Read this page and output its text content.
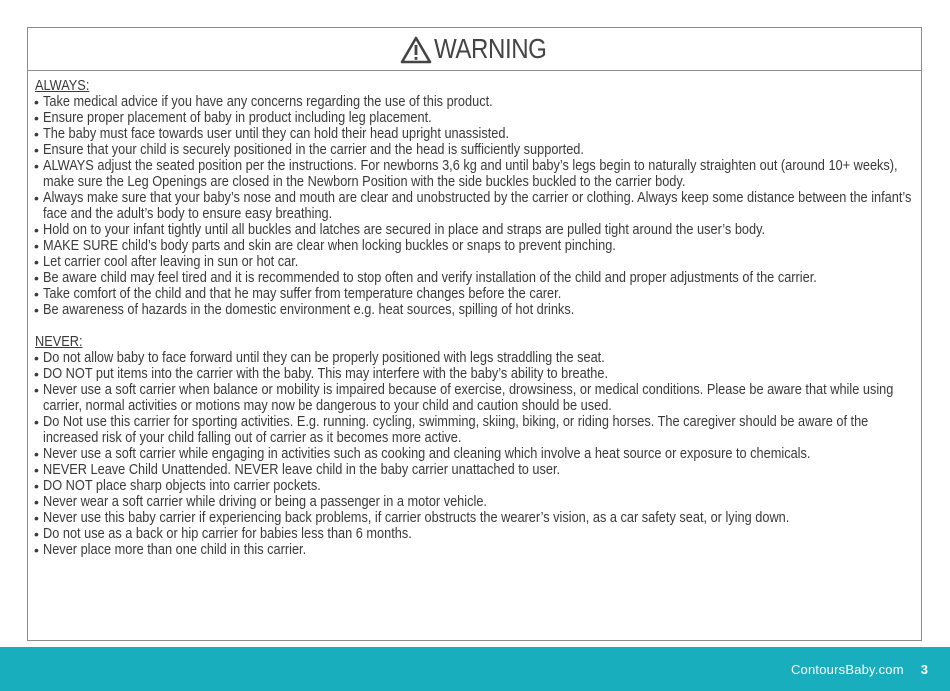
WARNING
ALWAYS:
• Take medical advice if you have any concerns regarding the use of this product.
• Ensure proper placement of baby in product including leg placement.
• The baby must face towards user until they can hold their head upright unassisted.
• Ensure that your child is securely positioned in the carrier and the head is sufficiently supported.
• ALWAYS adjust the seated position per the instructions. For newborns 3,6 kg and until baby’s legs begin to naturally straighten out (around 10+ weeks), make sure the Leg Openings are closed in the Newborn Position with the side buckles buckled to the carrier body.
• Always make sure that your baby’s nose and mouth are clear and unobstructed by the carrier or clothing. Always keep some distance between the infant’s face and the adult’s body to ensure easy breathing.
• Hold on to your infant tightly until all buckles and latches are secured in place and straps are pulled tight around the user’s body.
• MAKE SURE child’s body parts and skin are clear when locking buckles or snaps to prevent pinching.
• Let carrier cool after leaving in sun or hot car.
• Be aware child may feel tired and it is recommended to stop often and verify installation of the child and proper adjustments of the carrier.
• Take comfort of the child and that he may suffer from temperature changes before the carer.
• Be awareness of hazards in the domestic environment e.g. heat sources, spilling of hot drinks.
NEVER:
• Do not allow baby to face forward until they can be properly positioned with legs straddling the seat.
• DO NOT put items into the carrier with the baby. This may interfere with the baby’s ability to breathe.
• Never use a soft carrier when balance or mobility is impaired because of exercise, drowsiness, or medical conditions. Please be aware that while using carrier, normal activities or motions may now be dangerous to your child and caution should be used.
• Do Not use this carrier for sporting activities. E.g. running. cycling, swimming, skiing, biking, or riding horses. The caregiver should be aware of the increased risk of your child falling out of carrier as it becomes more active.
• Never use a soft carrier while engaging in activities such as cooking and cleaning which involve a heat source or exposure to chemicals.
• NEVER Leave Child Unattended. NEVER leave child in the baby carrier unattached to user.
• DO NOT place sharp objects into carrier pockets.
• Never wear a soft carrier while driving or being a passenger in a motor vehicle.
• Never use this baby carrier if experiencing back problems, if carrier obstructs the wearer’s vision, as a car safety seat, or lying down.
• Do not use as a back or hip carrier for babies less than 6 months.
• Never place more than one child in this carrier.
ContoursBaby.com 3
